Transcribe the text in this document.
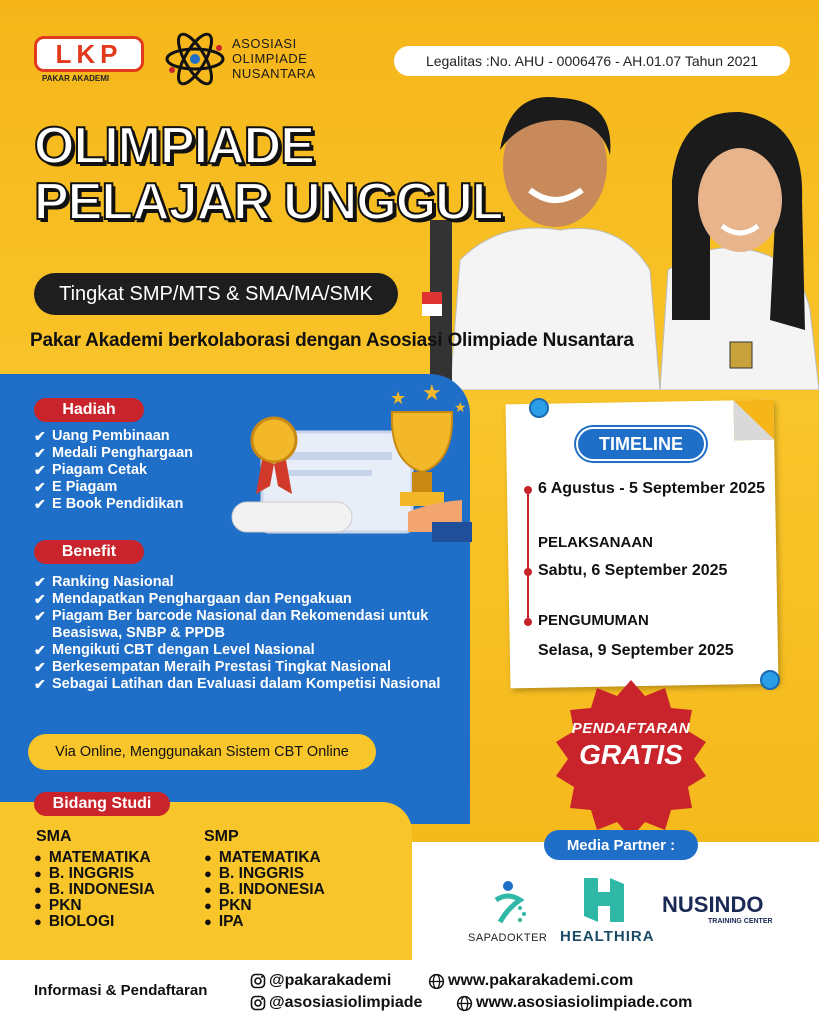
LKP
PAKAR AKADEMI
ASOSIASI
OLIMPIADE
NUSANTARA
Legalitas :No. AHU - 0006476 - AH.01.07 Tahun 2021
OLIMPIADE
PELAJAR UNGGUL
Tingkat SMP/MTS & SMA/MA/SMK
Pakar Akademi berkolaborasi dengan Asosiasi Olimpiade Nusantara
★ ★
★
Hadiah
✔ Uang Pembinaan
✔ Medali Penghargaan
✔ Piagam Cetak
✔ E Piagam
✔ E Book Pendidikan
Benefit
✔ Ranking Nasional
✔ Mendapatkan Penghargaan dan Pengakuan
✔ Piagam Ber barcode Nasional dan Rekomendasi untuk Beasiswa, SNBP & PPDB
✔ Mengikuti CBT dengan Level Nasional
✔ Berkesempatan Meraih Prestasi Tingkat Nasional
✔ Sebagai Latihan dan Evaluasi dalam Kompetisi Nasional
Via Online, Menggunakan Sistem CBT Online
Bidang Studi
SMA	SMP
● MATEMATIKA
● B. INGGRIS
● B. INDONESIA
● PKN
● BIOLOGI
● MATEMATIKA
● B. INGGRIS
● B. INDONESIA
● PKN
● IPA
TIMELINE
6 Agustus - 5 September 2025
PELAKSANAAN
Sabtu, 6 September 2025
PENGUMUMAN
Selasa, 9 September 2025
PENDAFTARAN
GRATIS
Media Partner :
SAPADOKTER HEALTHIRA
NUSINDO
TRAINING CENTER
Informasi & Pendaftaran
@pakarakademi
@asosiasiolimpiade
www.pakarakademi.com
www.asosiasiolimpiade.com
